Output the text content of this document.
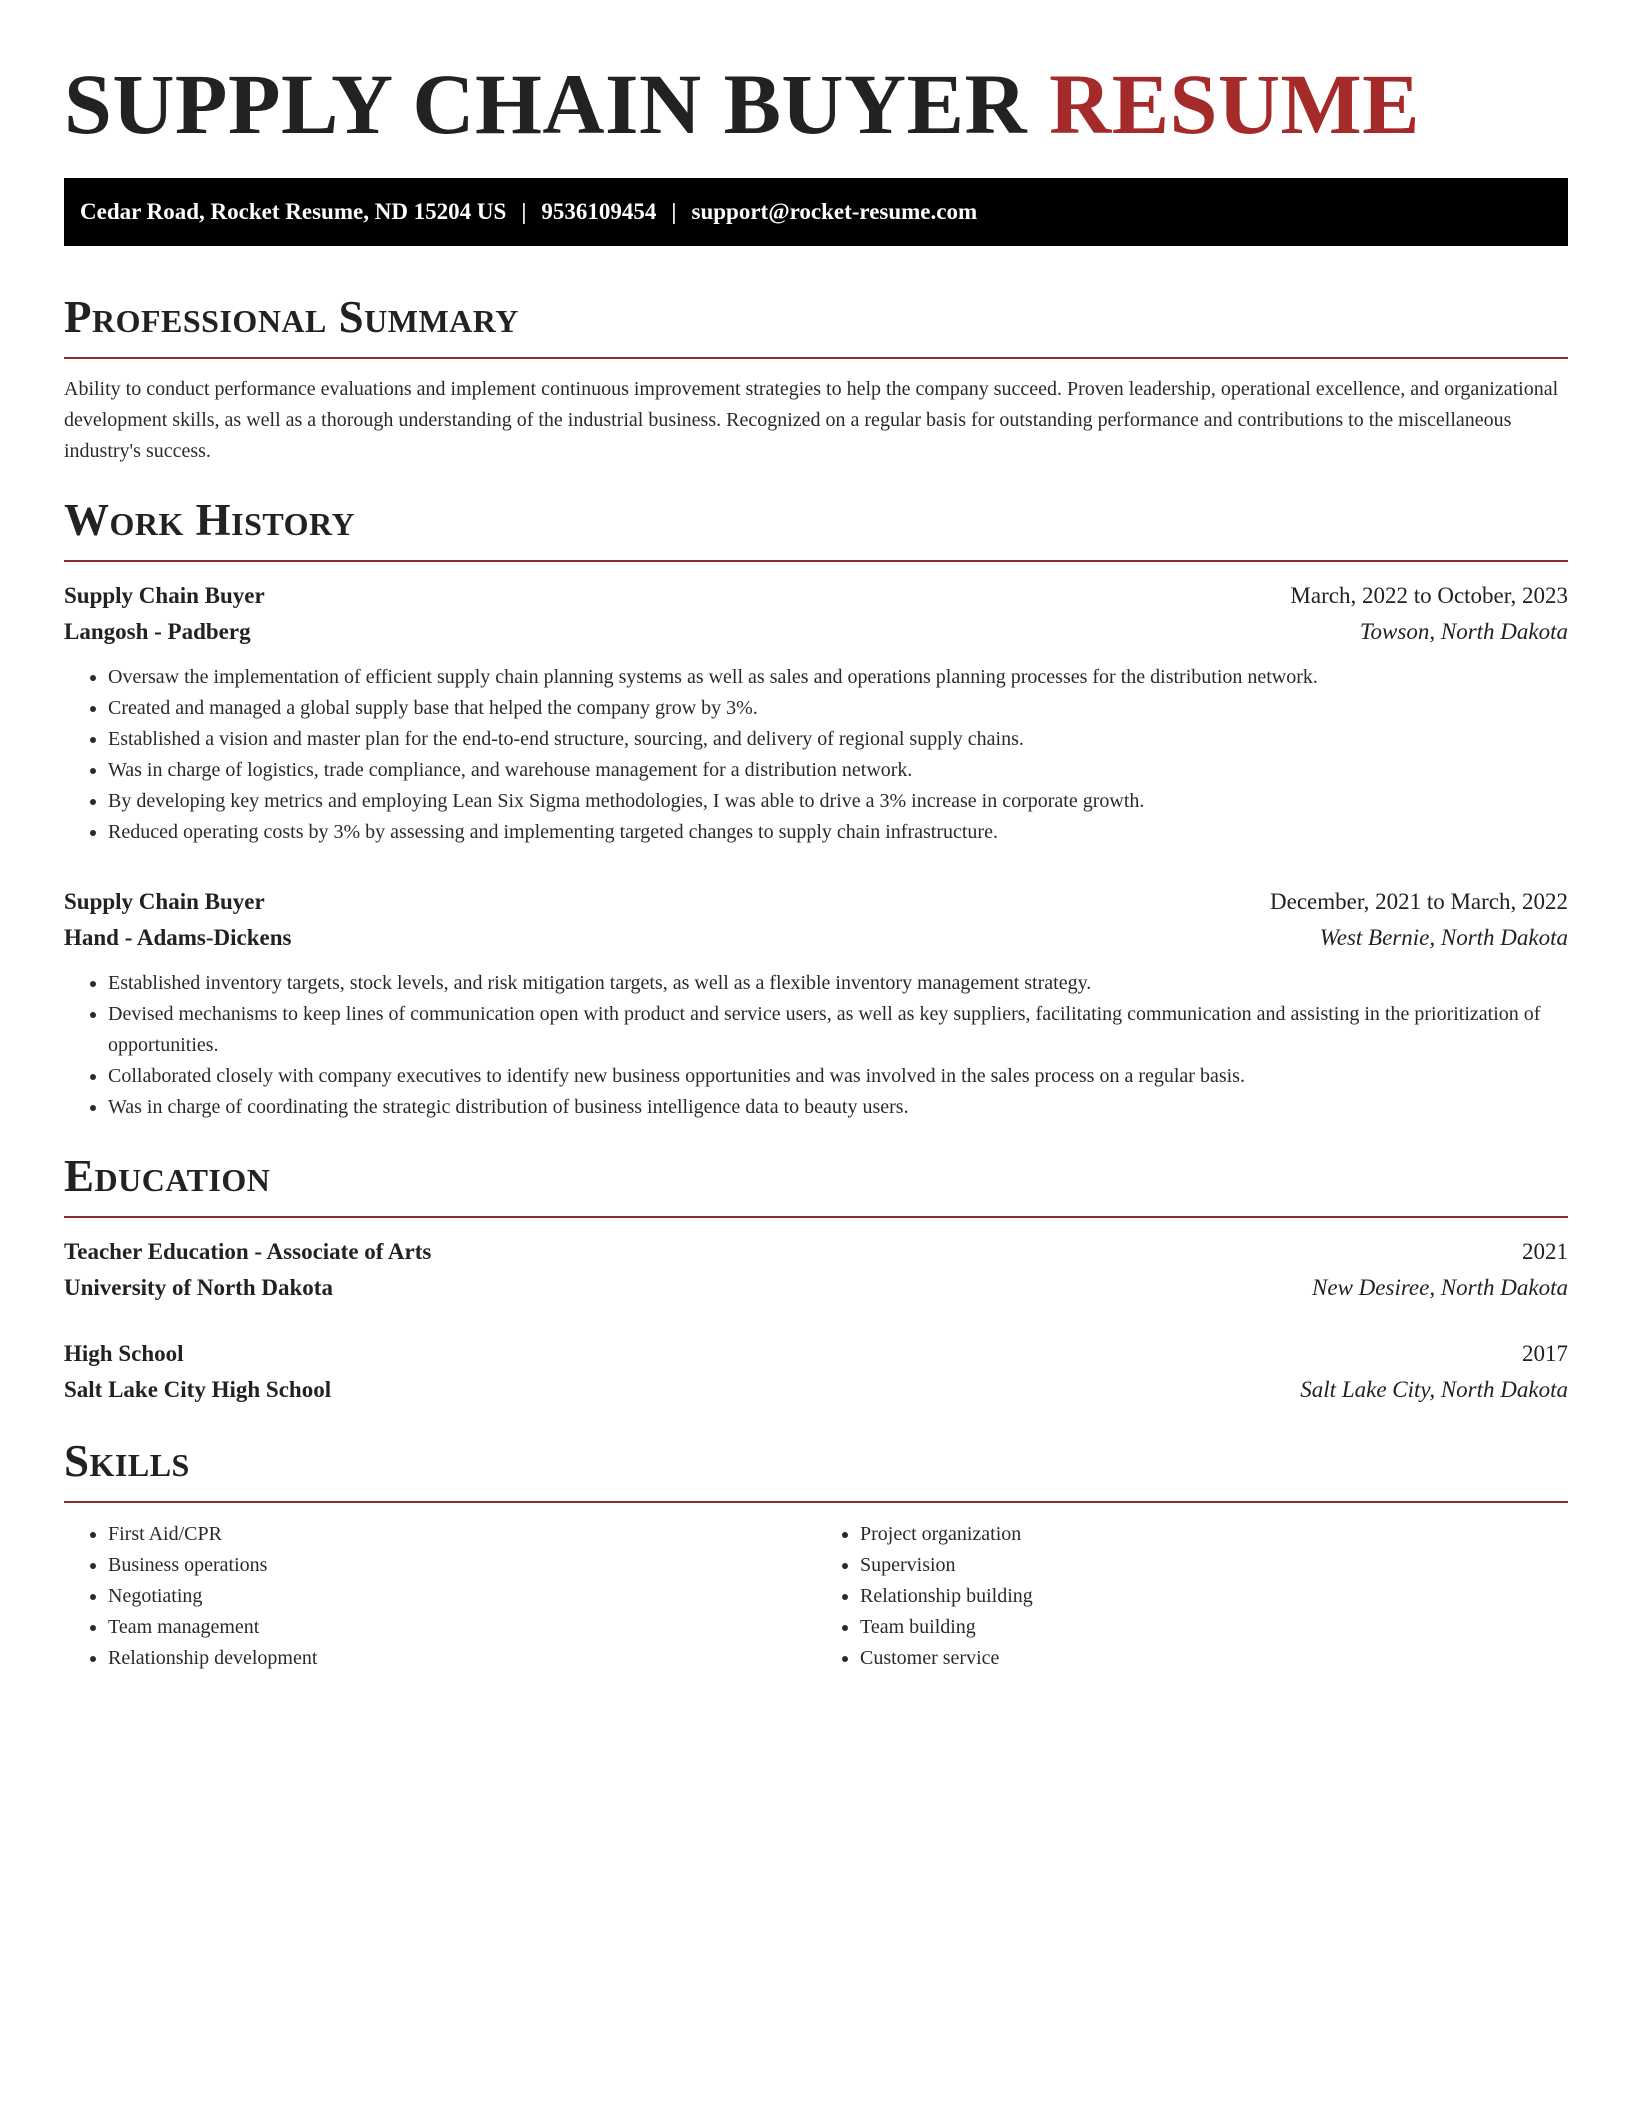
SUPPLY CHAIN BUYER RESUME
Cedar Road, Rocket Resume, ND 15204 US | 9536109454 | support@rocket-resume.com
Professional Summary

Ability to conduct performance evaluations and implement continuous improvement strategies to help the company succeed. Proven leadership, operational excellence, and organizational development skills, as well as a thorough understanding of the industrial business. Recognized on a regular basis for outstanding performance and contributions to the miscellaneous industry's success.

Work History
Supply Chain Buyer	March, 2022 to October, 2023
Langosh - Padberg	Towson, North Dakota
• Oversaw the implementation of efficient supply chain planning systems as well as sales and operations planning processes for the distribution network.
• Created and managed a global supply base that helped the company grow by 3%.
• Established a vision and master plan for the end-to-end structure, sourcing, and delivery of regional supply chains.
• Was in charge of logistics, trade compliance, and warehouse management for a distribution network.
• By developing key metrics and employing Lean Six Sigma methodologies, I was able to drive a 3% increase in corporate growth.
• Reduced operating costs by 3% by assessing and implementing targeted changes to supply chain infrastructure.
Supply Chain Buyer	December, 2021 to March, 2022
Hand - Adams-Dickens	West Bernie, North Dakota
• Established inventory targets, stock levels, and risk mitigation targets, as well as a flexible inventory management strategy.
• Devised mechanisms to keep lines of communication open with product and service users, as well as key suppliers, facilitating communication and assisting in the prioritization of opportunities.
• Collaborated closely with company executives to identify new business opportunities and was involved in the sales process on a regular basis.
• Was in charge of coordinating the strategic distribution of business intelligence data to beauty users.
Education
Teacher Education - Associate of Arts	2021
University of North Dakota	New Desiree, North Dakota
High School	2017
Salt Lake City High School	Salt Lake City, North Dakota
Skills
• First Aid/CPR
• Business operations
• Negotiating
• Team management
• Relationship development
• Project organization
• Supervision
• Relationship building
• Team building
• Customer service
